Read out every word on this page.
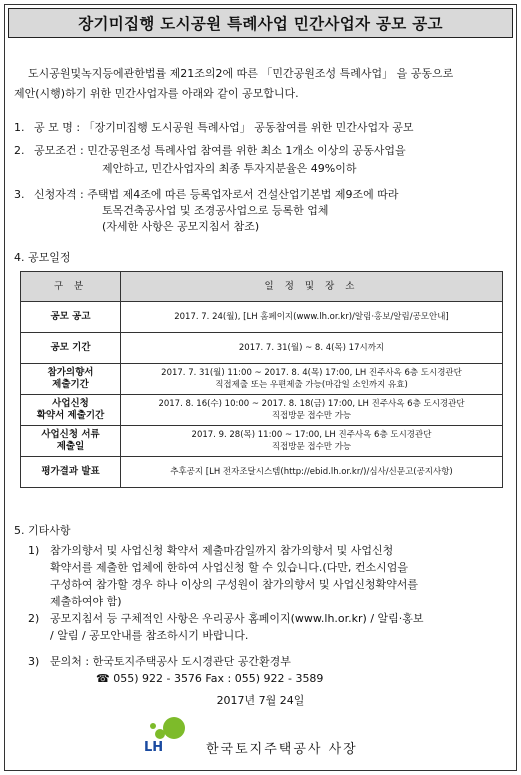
장기미집행 도시공원 특례사업 민간사업자 공모 공고
도시공원및녹지등에관한법률 제21조의2에 따른 「민간공원조성 특례사업」 을 공동으로
제안(시행)하기 위한 민간사업자를 아래와 같이 공모합니다.
1. 공 모 명 : 「장기미집행 도시공원 특례사업」 공동참여를 위한 민간사업자 공모
2. 공모조건 : 민간공원조성 특례사업 참여를 위한 최소 1개소 이상의 공동사업을
제안하고, 민간사업자의 최종 투자지분율은 49%이하
3. 신청자격 : 주택법 제4조에 따른 등록업자로서 건설산업기본법 제9조에 따라
토목건축공사업 및 조경공사업으로 등록한 업체
(자세한 사항은 공모지침서 참조)
4. 공모일정
구 분	일 정 및 장 소
공모 공고	2017. 7. 24(월), [LH 홈페이지(www.lh.or.kr)/알림·홍보/알림/공모안내]
공모 기간	2017. 7. 31(월) ~ 8. 4(목) 17시까지
참가의향서
제출기간	2017. 7. 31(월) 11:00 ~ 2017. 8. 4(목) 17:00, LH 진주사옥 6층 도시경관단
직접제출 또는 우편제출 가능(마감일 소인까지 유효)
사업신청
확약서 제출기간	2017. 8. 16(수) 10:00 ~ 2017. 8. 18(금) 17:00, LH 진주사옥 6층 도시경관단
직접방문 접수만 가능
사업신청 서류
제출일	2017. 9. 28(목) 11:00 ~ 17:00, LH 진주사옥 6층 도시경관단
직접방문 접수만 가능
평가결과 발표	추후공지 [LH 전자조달시스템(http://ebid.lh.or.kr/)/심사/신문고(공지사항)
5. 기타사항
1) 참가의향서 및 사업신청 확약서 제출마감일까지 참가의향서 및 사업신청
확약서를 제출한 업체에 한하여 사업신청 할 수 있습니다.(다만, 컨소시엄을
구성하여 참가할 경우 하나 이상의 구성원이 참가의향서 및 사업신청확약서를
제출하여야 함)
2) 공모지침서 등 구체적인 사항은 우리공사 홈페이지(www.lh.or.kr) / 알림·홍보
/ 알림 / 공모안내를 참조하시기 바랍니다.
3) 문의처 : 한국토지주택공사 도시경관단 공간환경부
☎ 055) 922 - 3576 Fax : 055) 922 - 3589
2017년 7월 24일
LH	한국토지주택공사 사장
